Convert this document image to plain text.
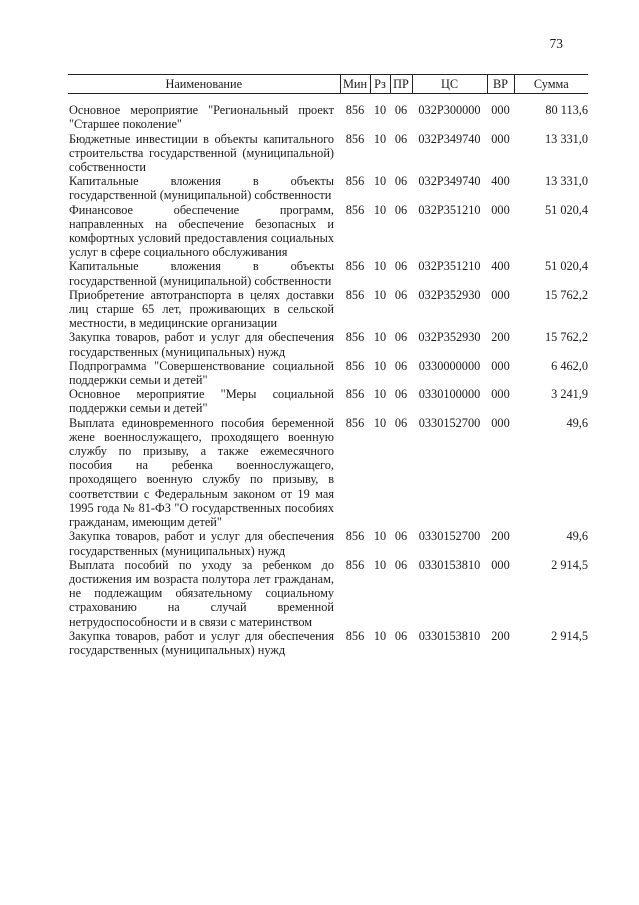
73
Наименование	Мин	Рз	ПР	ЦС	ВР	Сумма
Основное мероприятие "Региональный проект "Старшее поколение"	856	10	06	032P300000	000	80 113,6
Бюджетные инвестиции в объекты капитального строительства государственной (муниципальной) собственности	856	10	06	032P349740	000	13 331,0
Капитальные вложения в объекты государственной (муниципальной) собственности	856	10	06	032P349740	400	13 331,0
Финансовое обеспечение программ, направленных на обеспечение безопасных и комфортных условий предоставления социальных услуг в сфере социального обслуживания	856	10	06	032P351210	000	51 020,4
Капитальные вложения в объекты государственной (муниципальной) собственности	856	10	06	032P351210	400	51 020,4
Приобретение автотранспорта в целях доставки лиц старше 65 лет, проживающих в сельской местности, в медицинские организации	856	10	06	032P352930	000	15 762,2
Закупка товаров, работ и услуг для обеспечения государственных (муниципальных) нужд	856	10	06	032P352930	200	15 762,2
Подпрограмма "Совершенствование социальной поддержки семьи и детей"	856	10	06	0330000000	000	6 462,0
Основное мероприятие "Меры социальной поддержки семьи и детей"	856	10	06	0330100000	000	3 241,9
Выплата единовременного пособия беременной жене военнослужащего, проходящего военную службу по призыву, а также ежемесячного пособия на ребенка военнослужащего, проходящего военную службу по призыву, в соответствии с Федеральным законом от 19 мая 1995 года № 81-ФЗ "О государственных пособиях гражданам, имеющим детей"	856	10	06	0330152700	000	49,6
Закупка товаров, работ и услуг для обеспечения государственных (муниципальных) нужд	856	10	06	0330152700	200	49,6
Выплата пособий по уходу за ребенком до достижения им возраста полутора лет гражданам, не подлежащим обязательному социальному страхованию на случай временной нетрудоспособности и в связи с материнством	856	10	06	0330153810	000	2 914,5
Закупка товаров, работ и услуг для обеспечения государственных (муниципальных) нужд	856	10	06	0330153810	200	2 914,5
